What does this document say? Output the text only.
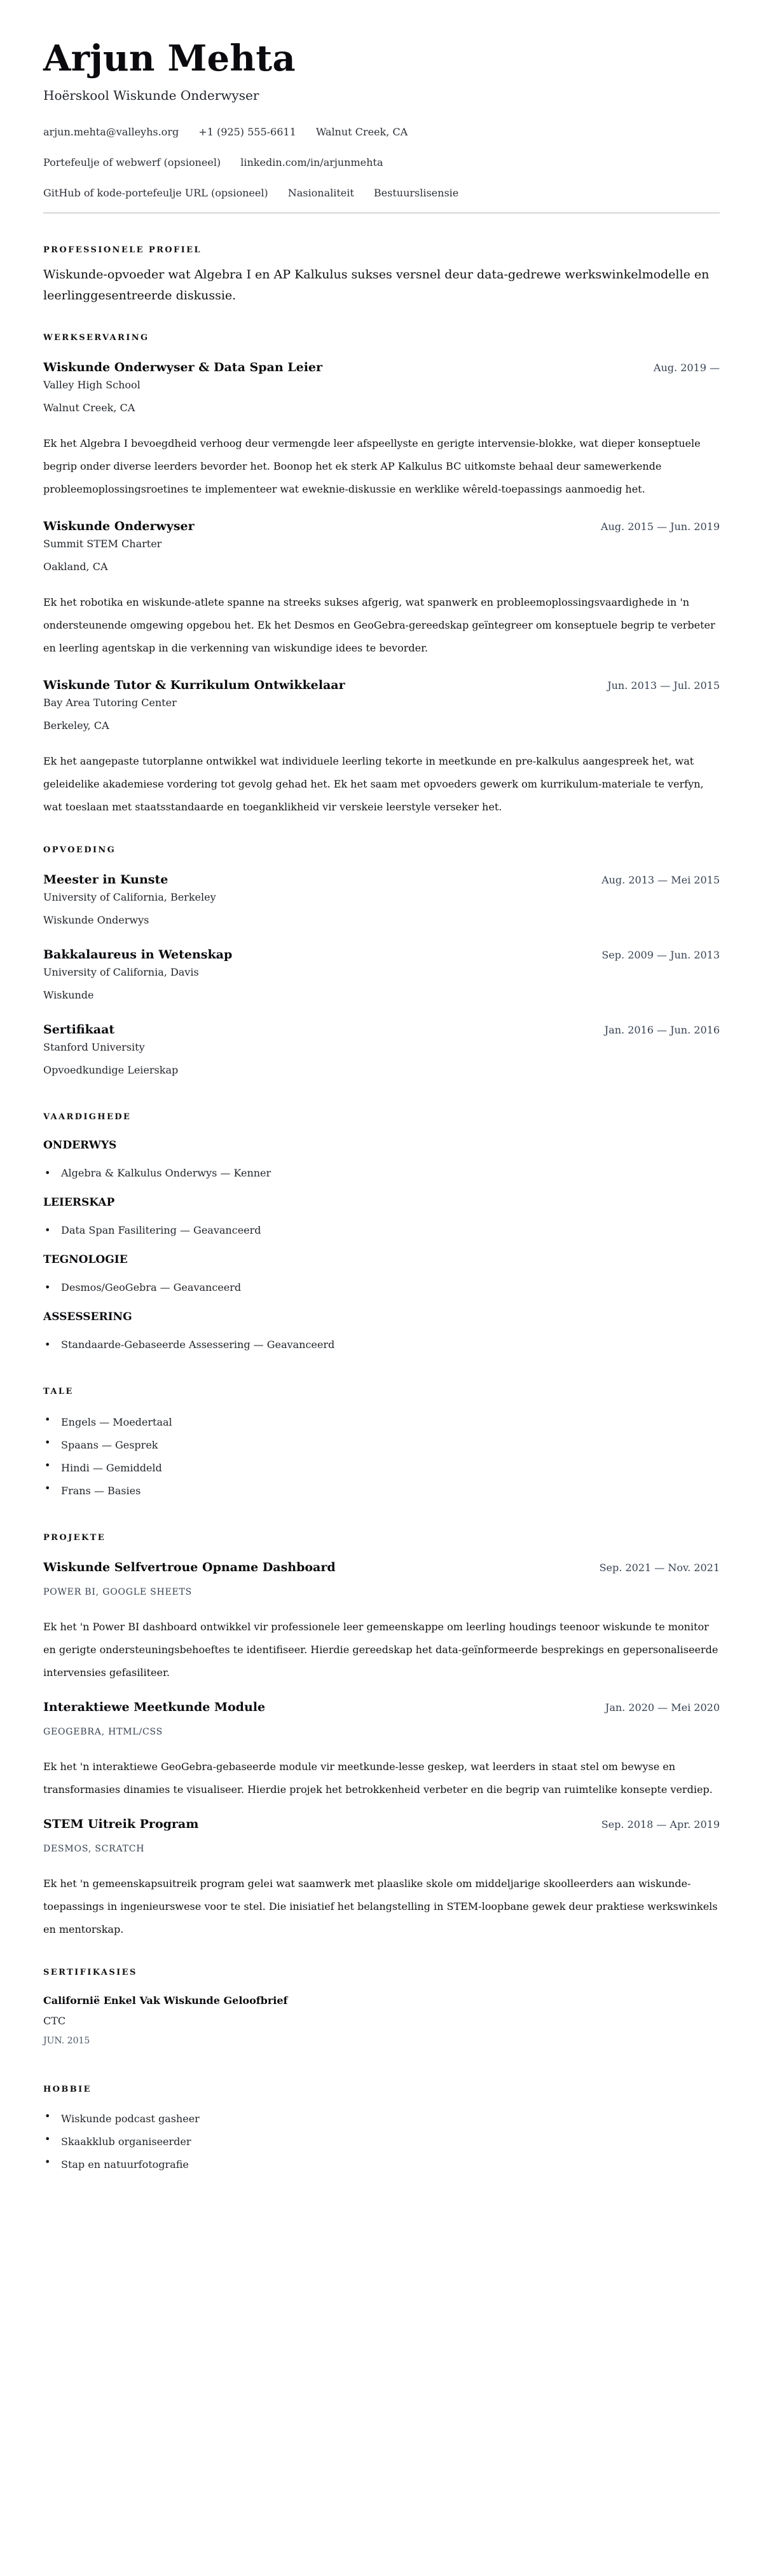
Arjun Mehta
Hoërskool Wiskunde Onderwyser
arjun.mehta@valleyhs.org +1 (925) 555-6611 Walnut Creek, CA
Portefeulje of webwerf (opsioneel) linkedin.com/in/arjunmehta
GitHub of kode-portefeulje URL (opsioneel) Nasionaliteit Bestuurslisensie
PROFESSIONELE PROFIEL

Wiskunde-opvoeder wat Algebra I en AP Kalkulus sukses versnel deur data-gedrewe werkswinkelmodelle en leerlinggesentreerde diskussie.

WERKSERVARING
Wiskunde Onderwyser & Data Span Leier	Aug. 2019 —
Valley High School
Walnut Creek, CA

Ek het Algebra I bevoegdheid verhoog deur vermengde leer afspeellyste en gerigte intervensie-blokke, wat dieper konseptuele begrip onder diverse leerders bevorder het. Boonop het ek sterk AP Kalkulus BC uitkomste behaal deur samewerkende probleemoplossingsroetines te implementeer wat eweknie-diskussie en werklike wêreld-toepassings aanmoedig het.

Wiskunde Onderwyser	Aug. 2015 — Jun. 2019
Summit STEM Charter
Oakland, CA

Ek het robotika en wiskunde-atlete spanne na streeks sukses afgerig, wat spanwerk en probleemoplossingsvaardighede in 'n ondersteunende omgewing opgebou het. Ek het Desmos en GeoGebra-gereedskap geïntegreer om konseptuele begrip te verbeter en leerling agentskap in die verkenning van wiskundige idees te bevorder.

Wiskunde Tutor & Kurrikulum Ontwikkelaar	Jun. 2013 — Jul. 2015
Bay Area Tutoring Center
Berkeley, CA

Ek het aangepaste tutorplanne ontwikkel wat individuele leerling tekorte in meetkunde en pre-kalkulus aangespreek het, wat geleidelike akademiese vordering tot gevolg gehad het. Ek het saam met opvoeders gewerk om kurrikulum-materiale te verfyn, wat toeslaan met staatsstandaarde en toeganklikheid vir verskeie leerstyle verseker het.

OPVOEDING
Meester in Kunste	Aug. 2013 — Mei 2015
University of California, Berkeley
Wiskunde Onderwys
Bakkalaureus in Wetenskap	Sep. 2009 — Jun. 2013
University of California, Davis
Wiskunde
Sertifikaat	Jan. 2016 — Jun. 2016
Stanford University
Opvoedkundige Leierskap
VAARDIGHEDE
ONDERWYS
• Algebra & Kalkulus Onderwys — Kenner
LEIERSKAP
• Data Span Fasilitering — Geavanceerd
TEGNOLOGIE
• Desmos/GeoGebra — Geavanceerd
ASSESSERING
• Standaarde-Gebaseerde Assessering — Geavanceerd
TALE
• Engels — Moedertaal
• Spaans — Gesprek
• Hindi — Gemiddeld
• Frans — Basies
PROJEKTE
Wiskunde Selfvertroue Opname Dashboard	Sep. 2021 — Nov. 2021
POWER BI, GOOGLE SHEETS

Ek het 'n Power BI dashboard ontwikkel vir professionele leer gemeenskappe om leerling houdings teenoor wiskunde te monitor en gerigte ondersteuningsbehoeftes te identifiseer. Hierdie gereedskap het data-geïnformeerde besprekings en gepersonaliseerde intervensies gefasiliteer.

Interaktiewe Meetkunde Module	Jan. 2020 — Mei 2020
GEOGEBRA, HTML/CSS

Ek het 'n interaktiewe GeoGebra-gebaseerde module vir meetkunde-lesse geskep, wat leerders in staat stel om bewyse en transformasies dinamies te visualiseer. Hierdie projek het betrokkenheid verbeter en die begrip van ruimtelike konsepte verdiep.

STEM Uitreik Program	Sep. 2018 — Apr. 2019
DESMOS, SCRATCH

Ek het 'n gemeenskapsuitreik program gelei wat saamwerk met plaaslike skole om middeljarige skoolleerders aan wiskunde-toepassings in ingenieurswese voor te stel. Die inisiatief het belangstelling in STEM-loopbane gewek deur praktiese werkswinkels en mentorskap.

SERTIFIKASIES
Californië Enkel Vak Wiskunde Geloofbrief
CTC
JUN. 2015
HOBBIE
• Wiskunde podcast gasheer
• Skaakklub organiseerder
• Stap en natuurfotografie
